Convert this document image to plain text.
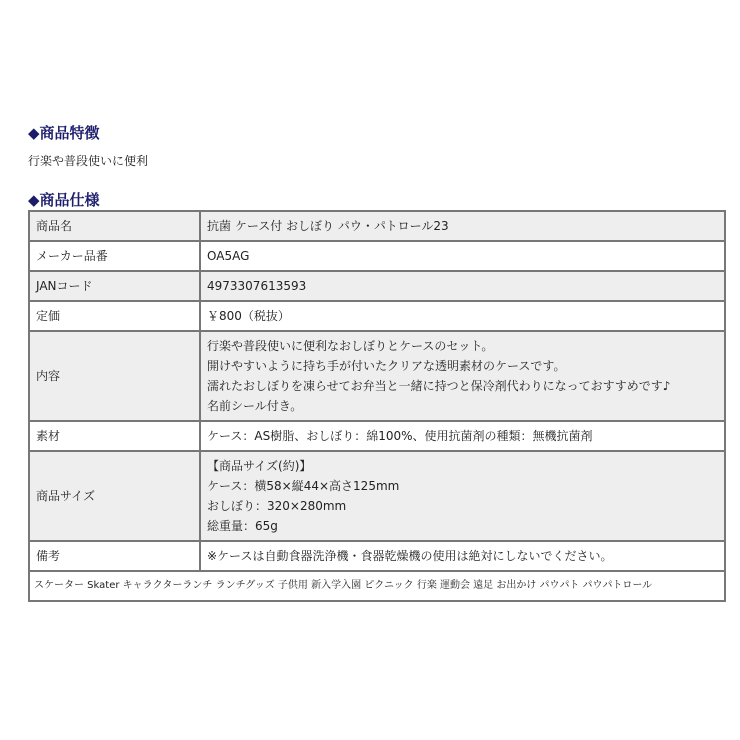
◆商品特徴
行楽や普段使いに便利
◆商品仕様
商品名	抗菌 ケース付 おしぼり パウ・パトロール23

メーカー品番	OA5AG

JANコード	4973307613593

定価	￥800（税抜）

内容	行楽や普段使いに便利なおしぼりとケースのセット。
開けやすいように持ち手が付いたクリアな透明素材のケースです。
濡れたおしぼりを凍らせてお弁当と一緒に持つと保冷剤代わりになっておすすめです♪
名前シール付き。

素材	ケース：AS樹脂、おしぼり：綿100%、使用抗菌剤の種類：無機抗菌剤

商品サイズ	【商品サイズ(約)】
ケース：横58×縦44×高さ125mm
おしぼり：320×280mm
総重量：65g

備考	※ケースは自動食器洗浄機・食器乾燥機の使用は絶対にしないでください。

スケーター Skater キャラクターランチ ランチグッズ 子供用 新入学入園 ピクニック 行楽 運動会 遠足 お出かけ パウパト パウパトロール	
